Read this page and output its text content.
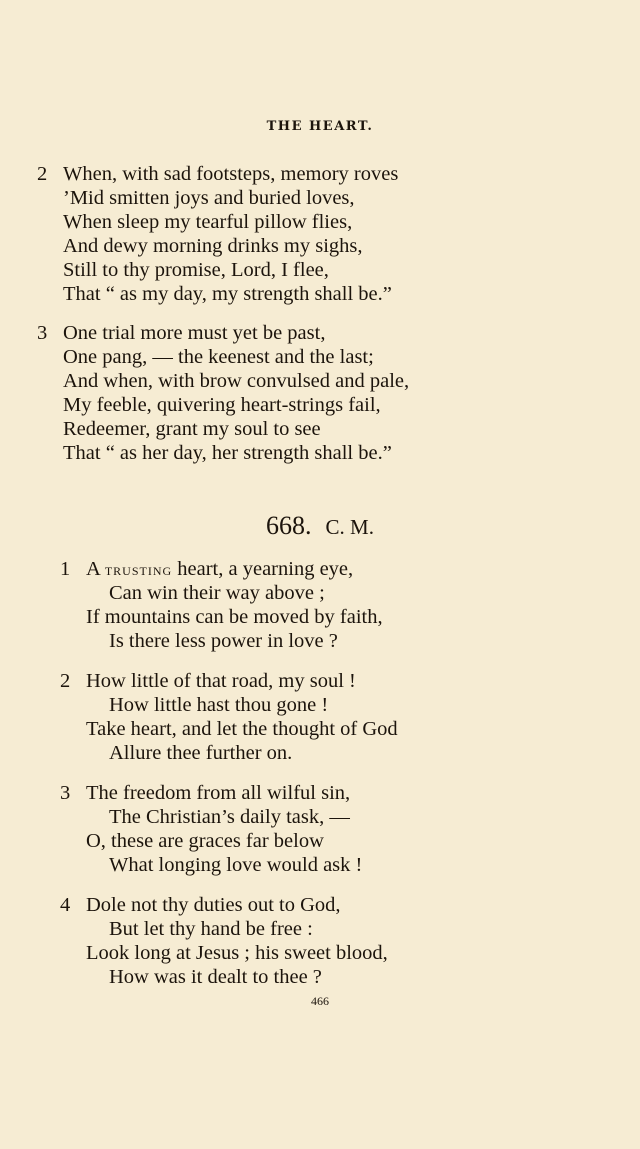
THE HEART.
2 When, with sad footsteps, memory roves
’Mid smitten joys and buried loves,
When sleep my tearful pillow flies,
And dewy morning drinks my sighs,
Still to thy promise, Lord, I flee,
That “ as my day, my strength shall be.”
3 One trial more must yet be past,
One pang, — the keenest and the last;
And when, with brow convulsed and pale,
My feeble, quivering heart-strings fail,
Redeemer, grant my soul to see
That “ as her day, her strength shall be.”
668. C. M.
1 A trusting heart, a yearning eye,
Can win their way above ;
If mountains can be moved by faith,
Is there less power in love ?
2 How little of that road, my soul !
How little hast thou gone !
Take heart, and let the thought of God
Allure thee further on.
3 The freedom from all wilful sin,
The Christian’s daily task, —
O, these are graces far below
What longing love would ask !
4 Dole not thy duties out to God,
But let thy hand be free :
Look long at Jesus ; his sweet blood,
How was it dealt to thee ?
466
